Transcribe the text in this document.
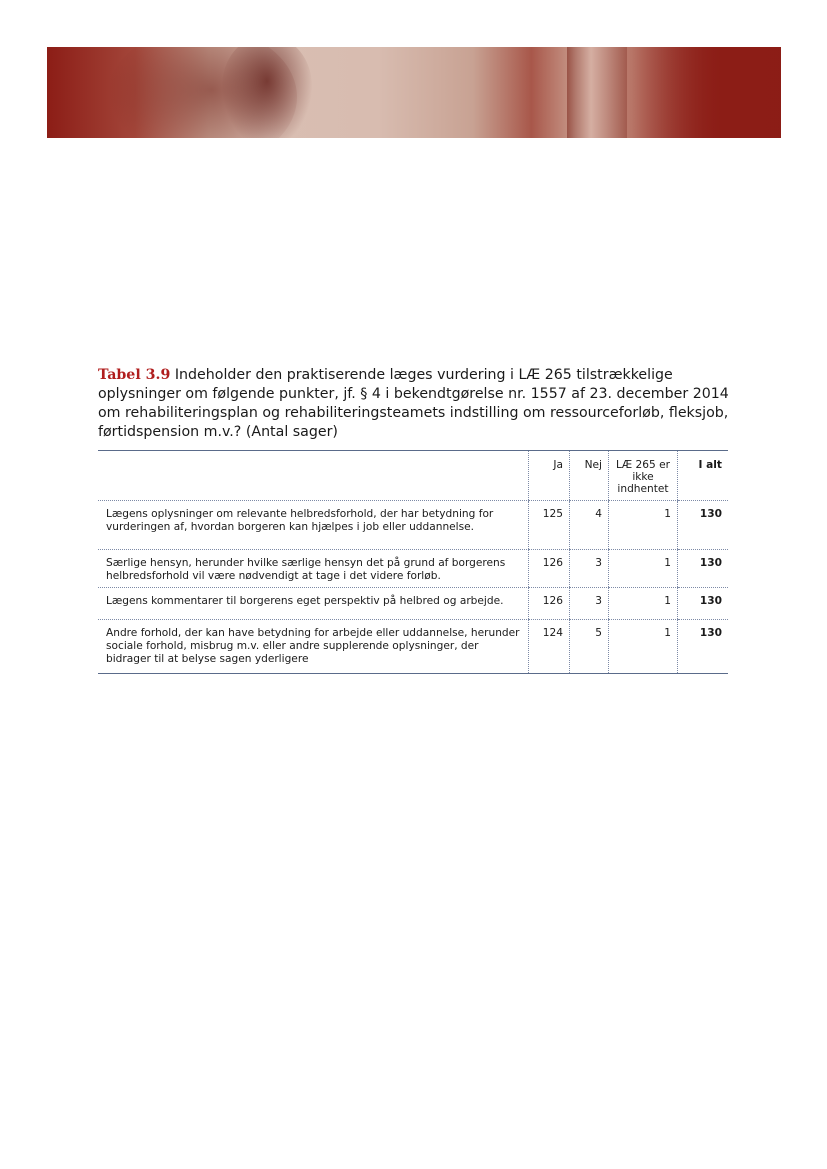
Tabel 3.9 Indeholder den praktiserende læges vurdering i LÆ 265 tilstrækkelige oplysninger om følgende punkter, jf. § 4 i bekendtgørelse nr. 1557 af 23. december 2014 om rehabiliteringsplan og rehabiliteringsteamets indstilling om ressourceforløb, fleksjob, førtidspension m.v.? (Antal sager)
	Ja	Nej	LÆ 265 er ikke indhentet	I alt
Lægens oplysninger om relevante helbredsforhold, der har betydning for vurderingen af, hvordan borgeren kan hjælpes i job eller uddannelse.	125	4	1	130
Særlige hensyn, herunder hvilke særlige hensyn det på grund af borgerens helbredsforhold vil være nødvendigt at tage i det videre forløb.	126	3	1	130
Lægens kommentarer til borgerens eget perspektiv på helbred og arbejde.	126	3	1	130
Andre forhold, der kan have betydning for arbejde eller uddannelse, herunder sociale forhold, misbrug m.v. eller andre supplerende oplysninger, der bidrager til at belyse sagen yderligere	124	5	1	130
